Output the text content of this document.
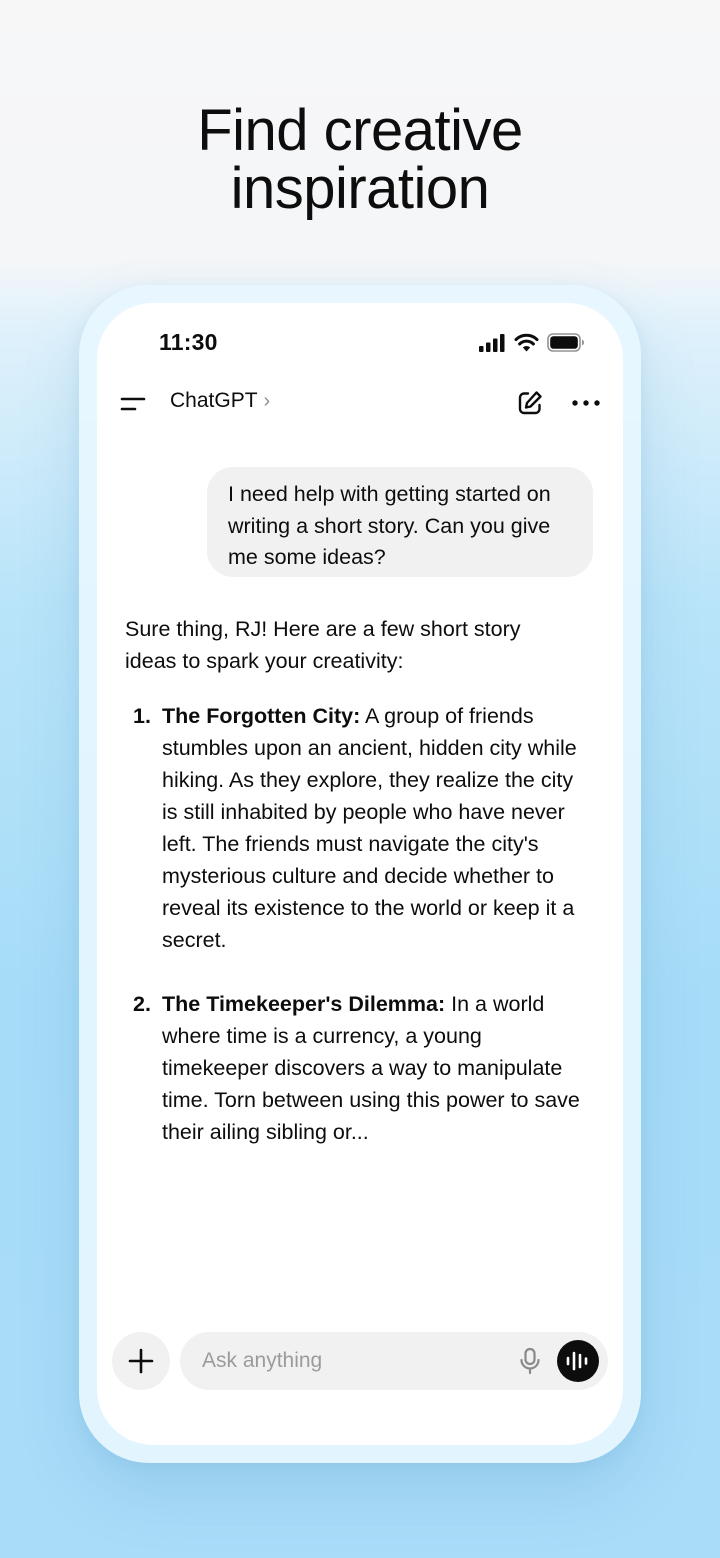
Find creative
inspiration
11:30
ChatGPT ›
I need help with getting started on writing a short story. Can you give me some ideas?
Sure thing, RJ! Here are a few short story ideas to spark your creativity:
1. The Forgotten City: A group of friends stumbles upon an ancient, hidden city while hiking. As they explore, they realize the city is still inhabited by people who have never left. The friends must navigate the city's mysterious culture and decide whether to reveal its existence to the world or keep it a secret.
2. The Timekeeper's Dilemma: In a world where time is a currency, a young timekeeper discovers a way to manipulate time. Torn between using this power to save their ailing sibling or...
Ask anything
